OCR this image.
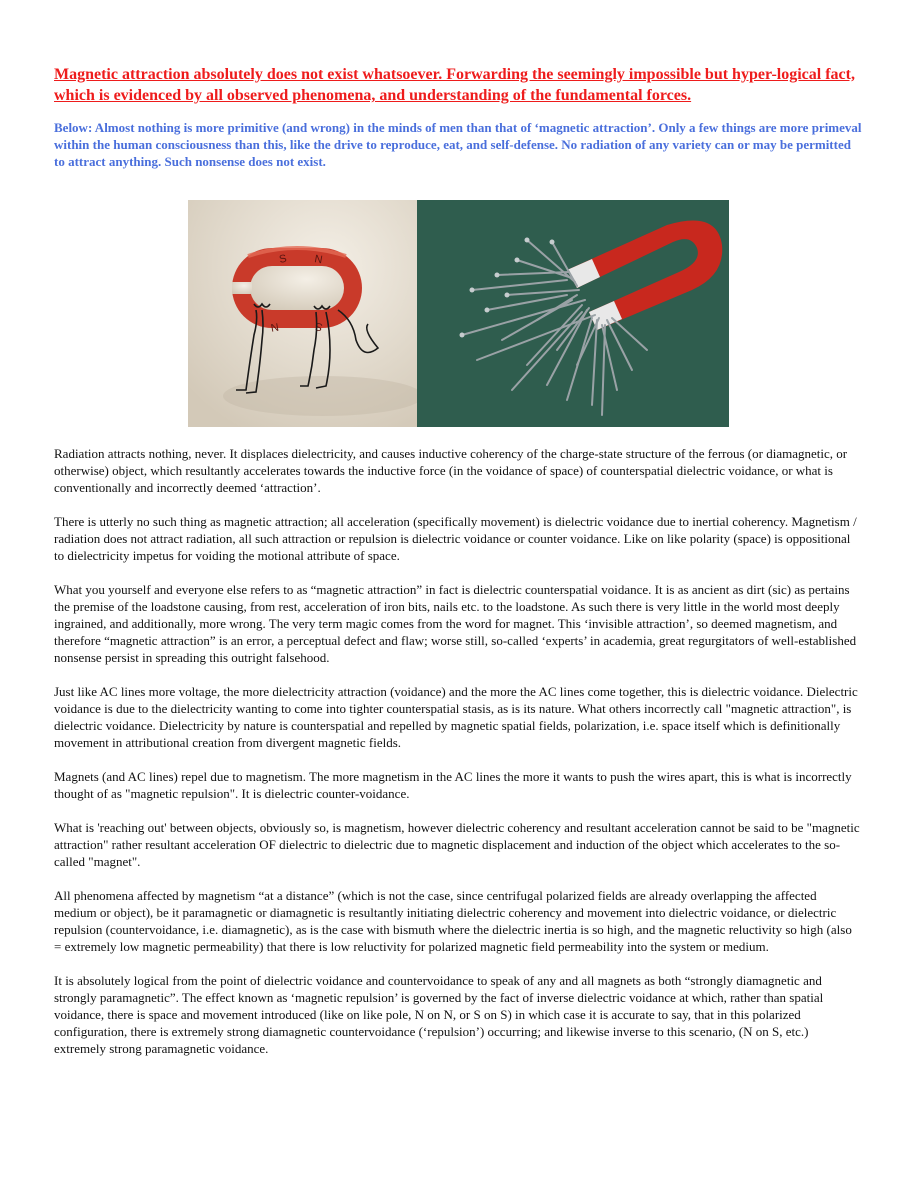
Magnetic attraction absolutely does not exist whatsoever. Forwarding the seemingly impossible but hyper-logical fact, which is evidenced by all observed phenomena, and understanding of the fundamental forces.

Below: Almost nothing is more primitive (and wrong) in the minds of men than that of ‘magnetic attraction’. Only a few things are more primeval within the human consciousness than this, like the drive to reproduce, eat, and self-defense. No radiation of any variety can or may be permitted to attract anything. Such nonsense does not exist.

S N
N	S

Radiation attracts nothing, never. It displaces dielectricity, and causes inductive coherency of the charge-state structure of the ferrous (or diamagnetic, or otherwise) object, which resultantly accelerates towards the inductive force (in the voidance of space) of counterspatial dielectric voidance, or what is conventionally and incorrectly deemed ‘attraction’.

There is utterly no such thing as magnetic attraction; all acceleration (specifically movement) is dielectric voidance due to inertial coherency. Magnetism / radiation does not attract radiation, all such attraction or repulsion is dielectric voidance or counter voidance. Like on like polarity (space) is oppositional to dielectricity impetus for voiding the motional attribute of space.

What you yourself and everyone else refers to as “magnetic attraction” in fact is dielectric counterspatial voidance. It is as ancient as dirt (sic) as pertains the premise of the loadstone causing, from rest, acceleration of iron bits, nails etc. to the loadstone. As such there is very little in the world most deeply ingrained, and additionally, more wrong. The very term magic comes from the word for magnet. This ‘invisible attraction’, so deemed magnetism, and therefore “magnetic attraction” is an error, a perceptual defect and flaw; worse still, so-called ‘experts’ in academia, great regurgitators of well-established nonsense persist in spreading this outright falsehood.

Just like AC lines more voltage, the more dielectricity attraction (voidance) and the more the AC lines come together, this is dielectric voidance. Dielectric voidance is due to the dielectricity wanting to come into tighter counterspatial stasis, as is its nature. What others incorrectly call "magnetic attraction", is dielectric voidance. Dielectricity by nature is counterspatial and repelled by magnetic spatial fields, polarization, i.e. space itself which is definitionally movement in attributional creation from divergent magnetic fields.

Magnets (and AC lines) repel due to magnetism. The more magnetism in the AC lines the more it wants to push the wires apart, this is what is incorrectly thought of as "magnetic repulsion". It is dielectric counter-voidance.

What is 'reaching out' between objects, obviously so, is magnetism, however dielectric coherency and resultant acceleration cannot be said to be "magnetic attraction" rather resultant acceleration OF dielectric to dielectric due to magnetic displacement and induction of the object which accelerates to the so-called "magnet".

All phenomena affected by magnetism “at a distance” (which is not the case, since centrifugal polarized fields are already overlapping the affected medium or object), be it paramagnetic or diamagnetic is resultantly initiating dielectric coherency and movement into dielectric voidance, or dielectric repulsion (countervoidance, i.e. diamagnetic), as is the case with bismuth where the dielectric inertia is so high, and the magnetic reluctivity so high (also = extremely low magnetic permeability) that there is low reluctivity for polarized magnetic field permeability into the system or medium.

It is absolutely logical from the point of dielectric voidance and countervoidance to speak of any and all magnets as both “strongly diamagnetic and strongly paramagnetic”. The effect known as ‘magnetic repulsion’ is governed by the fact of inverse dielectric voidance at which, rather than spatial voidance, there is space and movement introduced (like on like pole, N on N, or S on S) in which case it is accurate to say, that in this polarized configuration, there is extremely strong diamagnetic countervoidance (‘repulsion’) occurring; and likewise inverse to this scenario, (N on S, etc.) extremely strong paramagnetic voidance.
